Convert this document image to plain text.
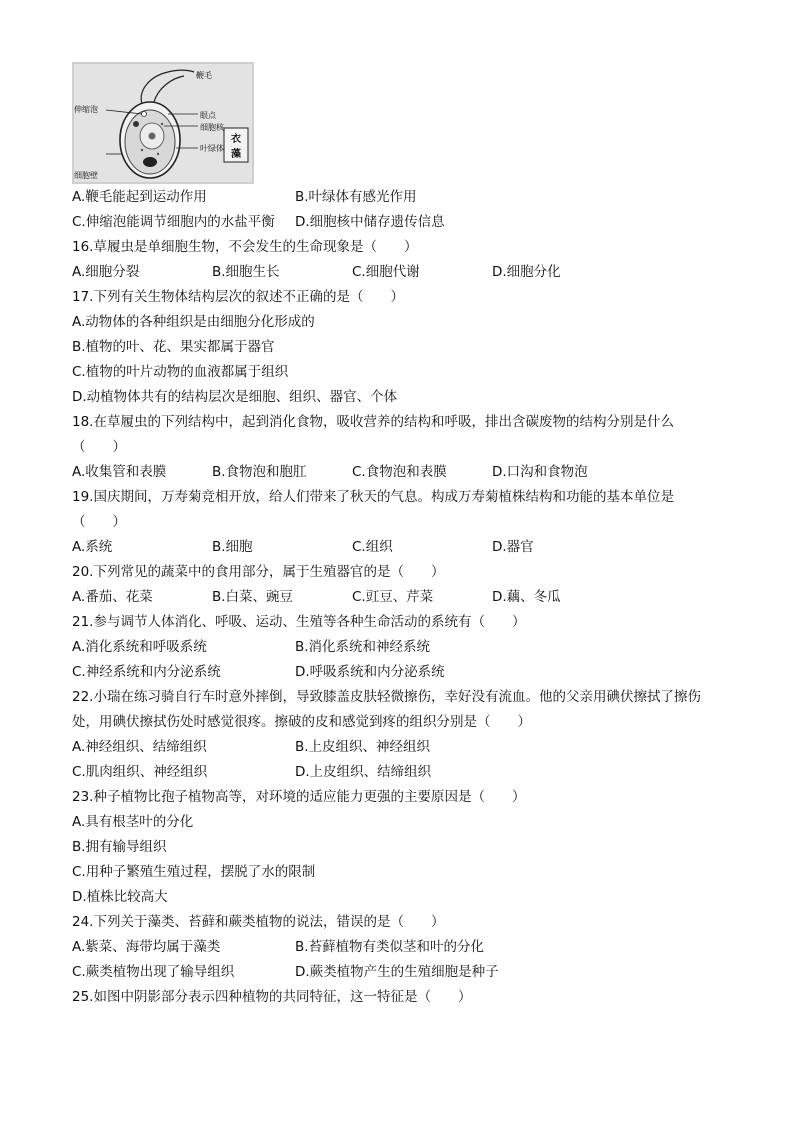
鞭毛
伸缩泡
眼点
细胞核
叶绿体
细胞壁
衣
藻
A.鞭毛能起到运动作用	B.叶绿体有感光作用
C.伸缩泡能调节细胞内的水盐平衡 D.细胞核中储存遗传信息
16.草履虫是单细胞生物，不会发生的生命现象是（　　）
A.细胞分裂	B.细胞生长	C.细胞代谢	D.细胞分化
17.下列有关生物体结构层次的叙述不正确的是（　　）
A.动物体的各种组织是由细胞分化形成的
B.植物的叶、花、果实都属于器官
C.植物的叶片动物的血液都属于组织
D.动植物体共有的结构层次是细胞、组织、器官、个体
18.在草履虫的下列结构中，起到消化食物，吸收营养的结构和呼吸，排出含碳废物的结构分别是什么
（　　）
A.收集管和表膜	B.食物泡和胞肛	C.食物泡和表膜	D.口沟和食物泡
19.国庆期间，万寿菊竞相开放，给人们带来了秋天的气息。构成万寿菊植株结构和功能的基本单位是
（　　）
A.系统	B.细胞	C.组织	D.器官
20.下列常见的蔬菜中的食用部分，属于生殖器官的是（　　）
A.番茄、花菜	B.白菜、豌豆	C.豇豆、芹菜	D.藕、冬瓜
21.参与调节人体消化、呼吸、运动、生殖等各种生命活动的系统有（　　）
A.消化系统和呼吸系统	B.消化系统和神经系统
C.神经系统和内分泌系统	D.呼吸系统和内分泌系统
22.小瑞在练习骑自行车时意外摔倒，导致膝盖皮肤轻微擦伤，幸好没有流血。他的父亲用碘伏擦拭了擦伤
处，用碘伏擦拭伤处时感觉很疼。擦破的皮和感觉到疼的组织分别是（　　）
A.神经组织、结缔组织	B.上皮组织、神经组织
C.肌肉组织、神经组织	D.上皮组织、结缔组织
23.种子植物比孢子植物高等，对环境的适应能力更强的主要原因是（　　）
A.具有根茎叶的分化
B.拥有输导组织
C.用种子繁殖生殖过程，摆脱了水的限制
D.植株比较高大
24.下列关于藻类、苔藓和蕨类植物的说法，错误的是（　　）
A.紫菜、海带均属于藻类	B.苔藓植物有类似茎和叶的分化
C.蕨类植物出现了输导组织	D.蕨类植物产生的生殖细胞是种子
25.如图中阴影部分表示四种植物的共同特征，这一特征是（　　）
